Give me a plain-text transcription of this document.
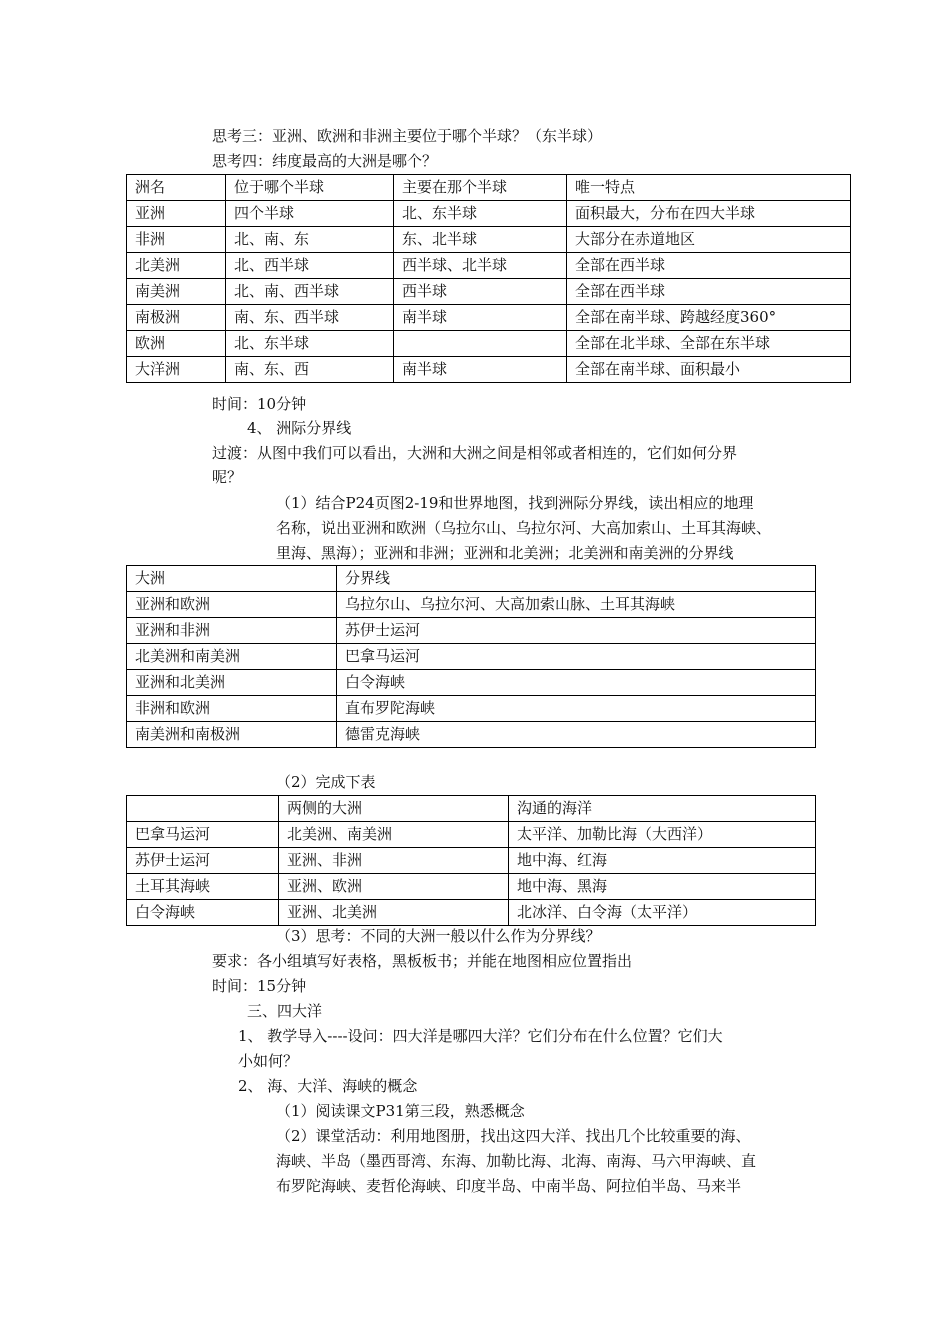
思考三：亚洲、欧洲和非洲主要位于哪个半球？（东半球）
思考四：纬度最高的大洲是哪个？
洲名	位于哪个半球	主要在那个半球	唯一特点
亚洲	四个半球	北、东半球	面积最大，分布在四大半球
非洲	北、南、东	东、北半球	大部分在赤道地区
北美洲	北、西半球	西半球、北半球	全部在西半球
南美洲	北、南、西半球	西半球	全部在西半球
南极洲	南、东、西半球	南半球	全部在南半球、跨越经度360°
欧洲	北、东半球		全部在北半球、全部在东半球
大洋洲	南、东、西	南半球	全部在南半球、面积最小
时间：10分钟
4、 洲际分界线
过渡：从图中我们可以看出，大洲和大洲之间是相邻或者相连的，它们如何分界
呢？
（1）结合P24页图2-19和世界地图，找到洲际分界线，读出相应的地理
名称，说出亚洲和欧洲（乌拉尔山、乌拉尔河、大高加索山、土耳其海峡、
里海、黑海）；亚洲和非洲；亚洲和北美洲；北美洲和南美洲的分界线
大洲	分界线
亚洲和欧洲	乌拉尔山、乌拉尔河、大高加索山脉、土耳其海峡
亚洲和非洲	苏伊士运河
北美洲和南美洲	巴拿马运河
亚洲和北美洲	白令海峡
非洲和欧洲	直布罗陀海峡
南美洲和南极洲	德雷克海峡
（2）完成下表
	两侧的大洲	沟通的海洋
巴拿马运河	北美洲、南美洲	太平洋、加勒比海（大西洋）
苏伊士运河	亚洲、非洲	地中海、红海
土耳其海峡	亚洲、欧洲	地中海、黑海
白令海峡	亚洲、北美洲	北冰洋、白令海（太平洋）
（3）思考：不同的大洲一般以什么作为分界线？
要求：各小组填写好表格，黑板板书；并能在地图相应位置指出
时间：15分钟
三、四大洋
1、 教学导入----设问：四大洋是哪四大洋？它们分布在什么位置？它们大
小如何？
2、 海、大洋、海峡的概念
（1）阅读课文P31第三段，熟悉概念
（2）课堂活动：利用地图册，找出这四大洋、找出几个比较重要的海、
海峡、半岛（墨西哥湾、东海、加勒比海、北海、南海、马六甲海峡、直
布罗陀海峡、麦哲伦海峡、印度半岛、中南半岛、阿拉伯半岛、马来半
